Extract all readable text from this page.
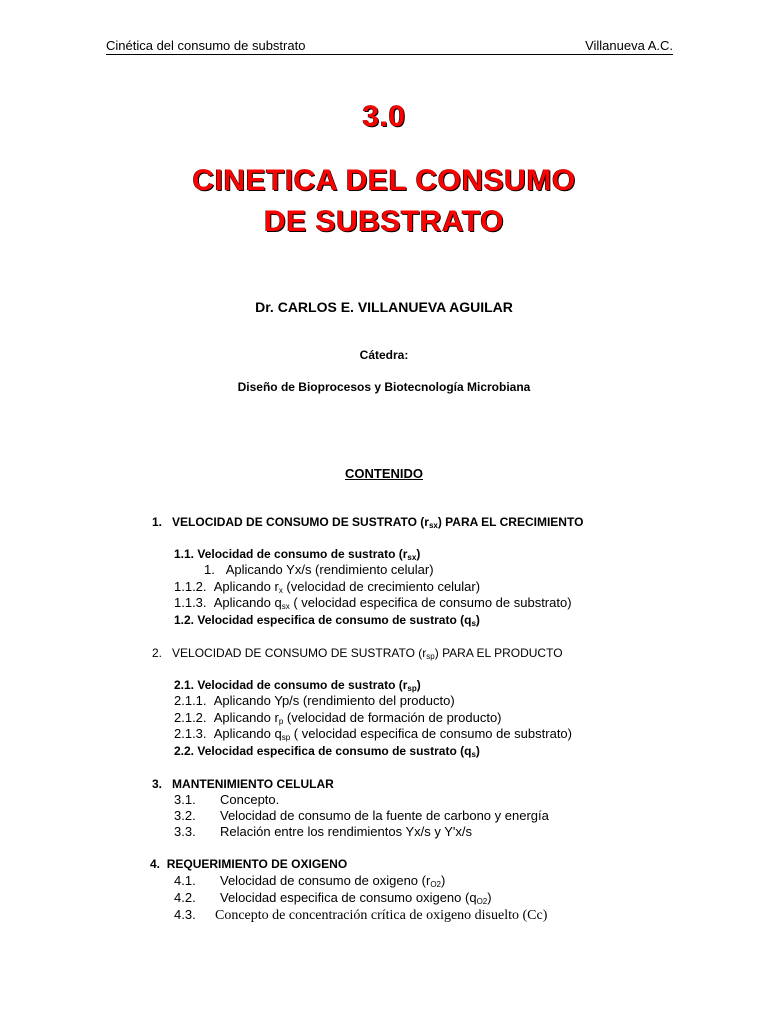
Cinética del consumo de substrato	Villanueva A.C.
3.0
CINETICA DEL CONSUMO
DE SUBSTRATO
Dr. CARLOS E. VILLANUEVA AGUILAR
Cátedra:
Diseño de Bioprocesos y Biotecnología Microbiana
CONTENIDO
1. VELOCIDAD DE CONSUMO DE SUSTRATO $(r_{sx})$ PARA EL CRECIMIENTO
1.1. Velocidad de consumo de sustrato $(r_{sx})$
1. Aplicando Yx/s (rendimiento celular)
1.1.2. Aplicando $r_x$ (velocidad de crecimiento celular)
1.1.3. Aplicando $q_{sx}$ ( velocidad especifica de consumo de substrato)
1.2. Velocidad especifica de consumo de sustrato $(q_s)$
2. VELOCIDAD DE CONSUMO DE SUSTRATO $(r_{sp})$ PARA EL PRODUCTO
2.1. Velocidad de consumo de sustrato $(r_{sp})$
2.1.1. Aplicando Yp/s (rendimiento del producto)
2.1.2. Aplicando $r_p$ (velocidad de formación de producto)
2.1.3. Aplicando $q_{sp}$ ( velocidad especifica de consumo de substrato)
2.2. Velocidad especifica de consumo de sustrato $(q_s)$
3. MANTENIMIENTO CELULAR
3.1. Concepto.
3.2. Velocidad de consumo de la fuente de carbono y energía
3.3. Relación entre los rendimientos Yx/s y Y'x/s
4. REQUERIMIENTO DE OXIGENO
4.1. Velocidad de consumo de oxigeno $(r_{O2})$
4.2. Velocidad especifica de consumo oxigeno $(q_{O2})$
4.3. Concepto de concentración crítica de oxigeno disuelto (Cc)
